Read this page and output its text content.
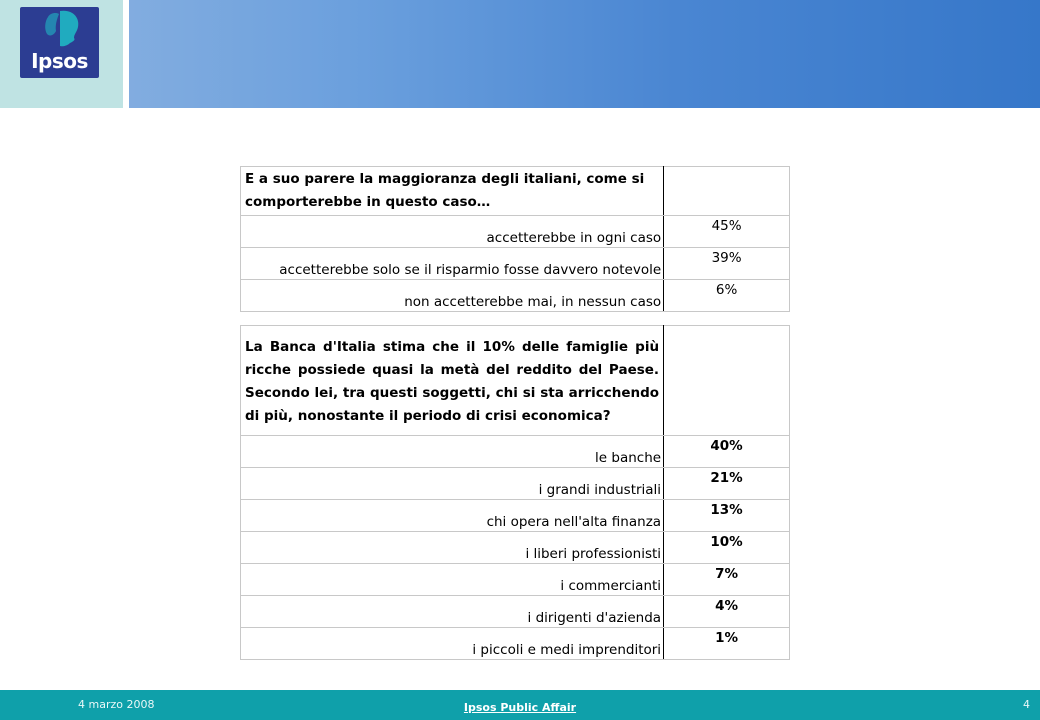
Ipsos
E a suo parere la maggioranza degli italiani, come si comporterebbe in questo caso…	
accetterebbe in ogni caso	45%
accetterebbe solo se il risparmio fosse davvero notevole	39%
non accetterebbe mai, in nessun caso	6%
La Banca d'Italia stima che il 10% delle famiglie più ricche possiede quasi la metà del reddito del Paese. Secondo lei, tra questi soggetti, chi si sta arricchendo di più, nonostante il periodo di crisi economica?	
le banche	40%
i grandi industriali	21%
chi opera nell'alta finanza	13%
i liberi professionisti	10%
i commercianti	7%
i dirigenti d'azienda	4%
i piccoli e medi imprenditori	1%
4 marzo 2008	Ipsos Public Affair	4
